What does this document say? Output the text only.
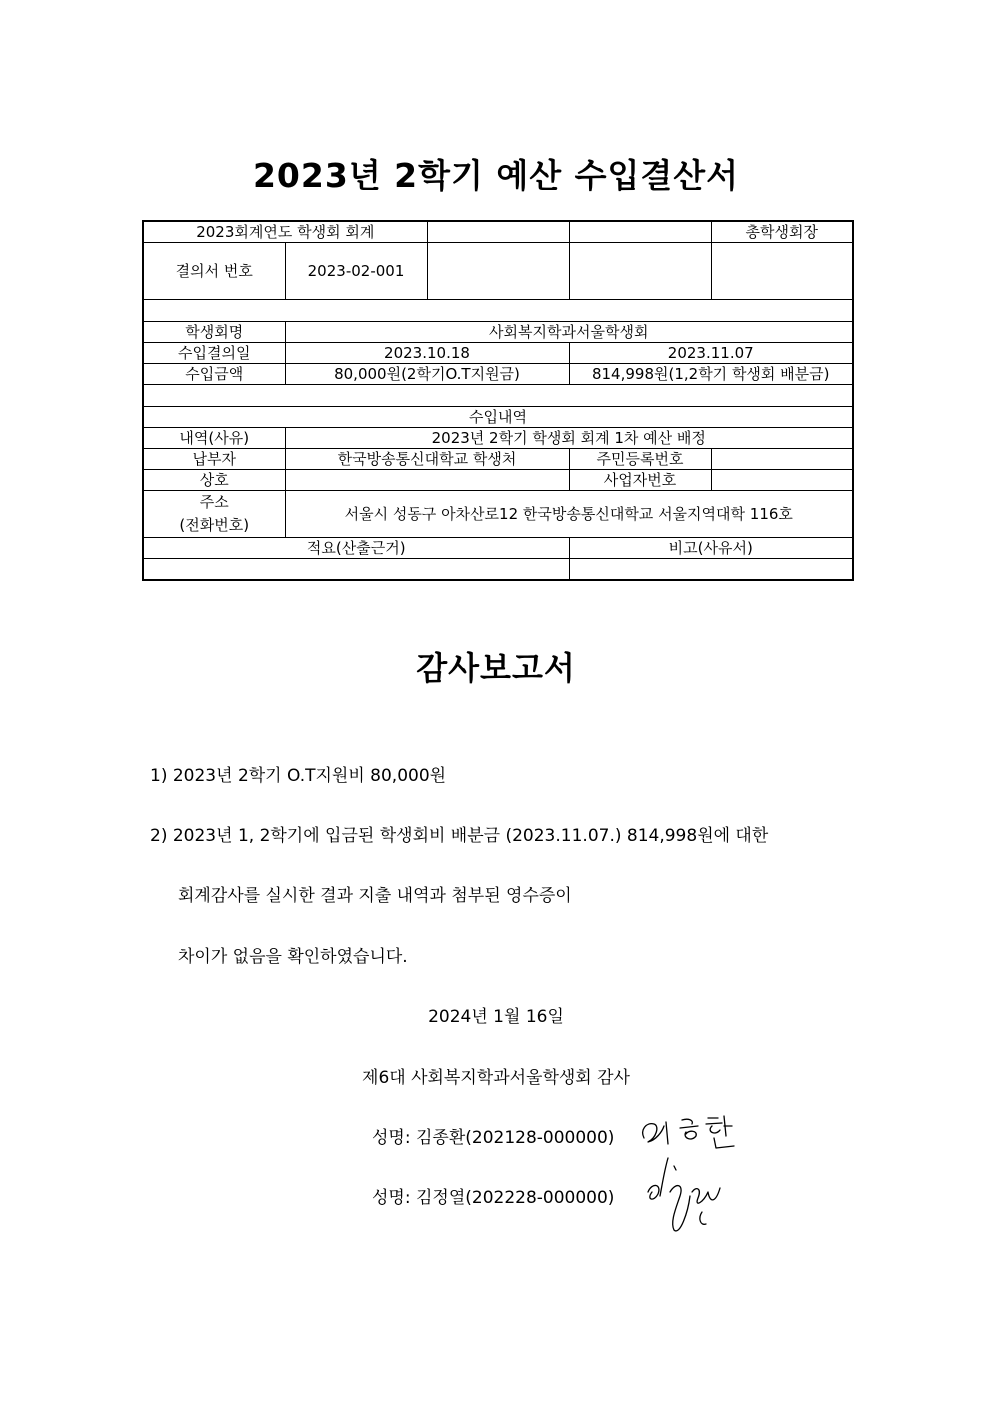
2023년 2학기 예산 수입결산서
2023회계연도 학생회 회계				총학생회장
결의서 번호	2023-02-001			

학생회명	사회복지학과서울학생회			
수입결의일	2023.10.18		2023.11.07	
수입금액	80,000원(2학기O.T지원금)		814,998원(1,2학기 학생회 배분금)	

수입내역				
내역(사유)	2023년 2학기 학생회 회계 1차 예산 배정			
납부자	한국방송통신대학교 학생처		주민등록번호	
상호			사업자번호	

주소
(전화번호)	서울시 성동구 아차산로12 한국방송통신대학교 서울지역대학 116호			
적요(산출근거)			비고(사유서)	

감사보고서
1) 2023년 2학기 O.T지원비 80,000원
2) 2023년 1, 2학기에 입금된 학생회비 배분금 (2023.11.07.) 814,998원에 대한
회계감사를 실시한 결과 지출 내역과 첨부된 영수증이
차이가 없음을 확인하였습니다.
2024년 1월 16일
제6대 사회복지학과서울학생회 감사
성명: 김종환(202128-000000)
성명: 김정열(202228-000000)
